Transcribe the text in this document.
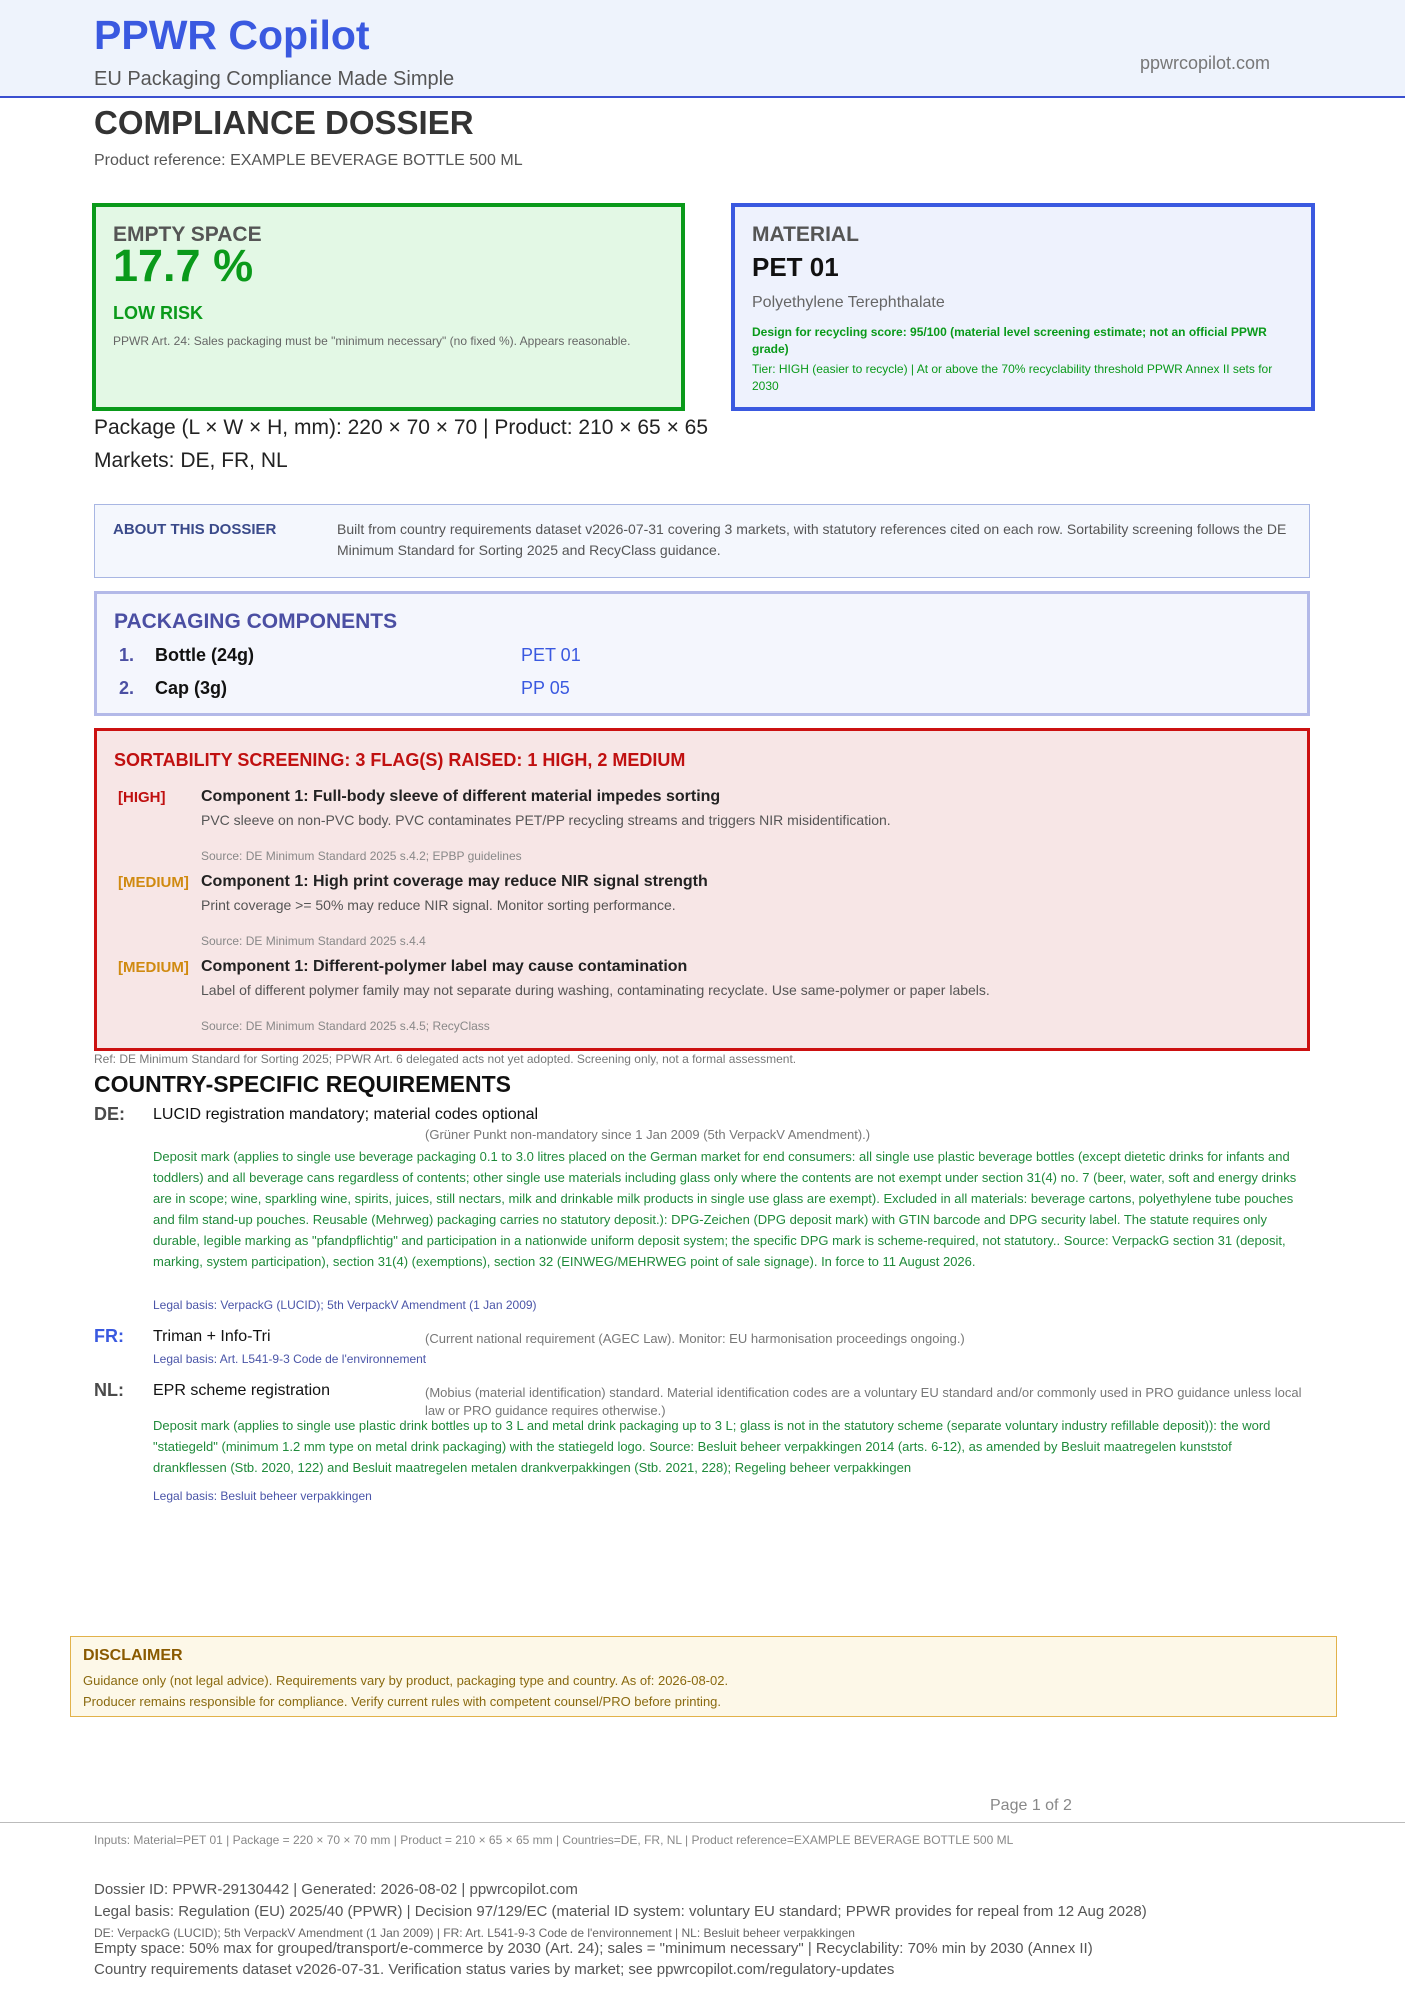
PPWR Copilot
EU Packaging Compliance Made Simple
ppwrcopilot.com
COMPLIANCE DOSSIER
Product reference: EXAMPLE BEVERAGE BOTTLE 500 ML
EMPTY SPACE
17.7 %
LOW RISK
PPWR Art. 24: Sales packaging must be "minimum necessary" (no fixed %). Appears reasonable.
MATERIAL
PET 01
Polyethylene Terephthalate
Design for recycling score: 95/100 (material level screening estimate; not an official PPWR grade)
Tier: HIGH (easier to recycle) | At or above the 70% recyclability threshold PPWR Annex II sets for 2030
Package (L × W × H, mm): 220 × 70 × 70 | Product: 210 × 65 × 65
Markets: DE, FR, NL
ABOUT THIS DOSSIER	Built from country requirements dataset v2026-07-31 covering 3 markets, with statutory references cited on each row. Sortability screening follows the DE Minimum Standard for Sorting 2025 and RecyClass guidance.
PACKAGING COMPONENTS
1. Bottle (24g)	PET 01
2. Cap (3g)	PP 05
SORTABILITY SCREENING: 3 FLAG(S) RAISED: 1 HIGH, 2 MEDIUM
[HIGH] Component 1: Full-body sleeve of different material impedes sorting
PVC sleeve on non-PVC body. PVC contaminates PET/PP recycling streams and triggers NIR misidentification.
Source: DE Minimum Standard 2025 s.4.2; EPBP guidelines
[MEDIUM] Component 1: High print coverage may reduce NIR signal strength
Print coverage >= 50% may reduce NIR signal. Monitor sorting performance.
Source: DE Minimum Standard 2025 s.4.4
[MEDIUM] Component 1: Different-polymer label may cause contamination
Label of different polymer family may not separate during washing, contaminating recyclate. Use same-polymer or paper labels.
Source: DE Minimum Standard 2025 s.4.5; RecyClass
Ref: DE Minimum Standard for Sorting 2025; PPWR Art. 6 delegated acts not yet adopted. Screening only, not a formal assessment.
COUNTRY-SPECIFIC REQUIREMENTS
DE: LUCID registration mandatory; material codes optional
(Grüner Punkt non-mandatory since 1 Jan 2009 (5th VerpackV Amendment).)
Deposit mark (applies to single use beverage packaging 0.1 to 3.0 litres placed on the German market for end consumers: all single use plastic beverage bottles (except dietetic drinks for infants and toddlers) and all beverage cans regardless of contents; other single use materials including glass only where the contents are not exempt under section 31(4) no. 7 (beer, water, soft and energy drinks are in scope; wine, sparkling wine, spirits, juices, still nectars, milk and drinkable milk products in single use glass are exempt). Excluded in all materials: beverage cartons, polyethylene tube pouches and film stand-up pouches. Reusable (Mehrweg) packaging carries no statutory deposit.): DPG-Zeichen (DPG deposit mark) with GTIN barcode and DPG security label. The statute requires only durable, legible marking as "pfandpflichtig" and participation in a nationwide uniform deposit system; the specific DPG mark is scheme-required, not statutory.. Source: VerpackG section 31 (deposit, marking, system participation), section 31(4) (exemptions), section 32 (EINWEG/MEHRWEG point of sale signage). In force to 11 August 2026.
Legal basis: VerpackG (LUCID); 5th VerpackV Amendment (1 Jan 2009)
FR: Triman + Info-Tri	(Current national requirement (AGEC Law). Monitor: EU harmonisation proceedings ongoing.)
Legal basis: Art. L541-9-3 Code de l'environnement
NL: EPR scheme registration	(Mobius (material identification) standard. Material identification codes are a voluntary EU standard and/or commonly used in PRO guidance unless local law or PRO guidance requires otherwise.)
Deposit mark (applies to single use plastic drink bottles up to 3 L and metal drink packaging up to 3 L; glass is not in the statutory scheme (separate voluntary industry refillable deposit)): the word "statiegeld" (minimum 1.2 mm type on metal drink packaging) with the statiegeld logo. Source: Besluit beheer verpakkingen 2014 (arts. 6-12), as amended by Besluit maatregelen kunststof drankflessen (Stb. 2020, 122) and Besluit maatregelen metalen drankverpakkingen (Stb. 2021, 228); Regeling beheer verpakkingen
Legal basis: Besluit beheer verpakkingen
DISCLAIMER
Guidance only (not legal advice). Requirements vary by product, packaging type and country. As of: 2026-08-02.
Producer remains responsible for compliance. Verify current rules with competent counsel/PRO before printing.
Page 1 of 2
Inputs: Material=PET 01 | Package = 220 × 70 × 70 mm | Product = 210 × 65 × 65 mm | Countries=DE, FR, NL | Product reference=EXAMPLE BEVERAGE BOTTLE 500 ML
Dossier ID: PPWR-29130442 | Generated: 2026-08-02 | ppwrcopilot.com
Legal basis: Regulation (EU) 2025/40 (PPWR) | Decision 97/129/EC (material ID system: voluntary EU standard; PPWR provides for repeal from 12 Aug 2028)
DE: VerpackG (LUCID); 5th VerpackV Amendment (1 Jan 2009) | FR: Art. L541-9-3 Code de l'environnement | NL: Besluit beheer verpakkingen
Empty space: 50% max for grouped/transport/e-commerce by 2030 (Art. 24); sales = "minimum necessary" | Recyclability: 70% min by 2030 (Annex II)
Country requirements dataset v2026-07-31. Verification status varies by market; see ppwrcopilot.com/regulatory-updates
